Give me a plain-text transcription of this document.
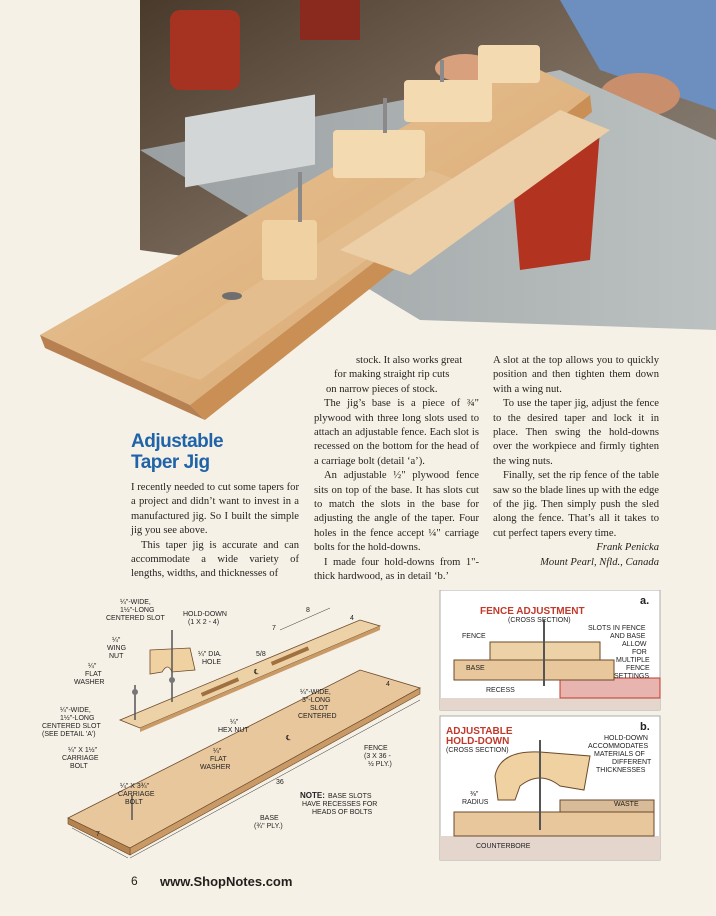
Adjustable
Taper Jig

I recently needed to cut some tapers for a project and didn’t want to invest in a manufactured jig. So I built the simple jig you see above.

This taper jig is accurate and can accommodate a wide variety of lengths, widths, and thicknesses of

stock. It also works great

for making straight rip cuts

on narrow pieces of stock.

The jig’s base is a piece of ¾" plywood with three long slots used to attach an adjustable fence. Each slot is recessed on the bottom for the head of a carriage bolt (detail ‘a’).

An adjustable ½" plywood fence sits on top of the base. It has slots cut to match the slots in the base for adjusting the angle of the taper. Four holes in the fence accept ¼" carriage bolts for the hold-downs.

I made four hold-downs from 1"-thick hardwood, as in detail ‘b.’

A slot at the top allows you to quickly position and then tighten them down with a wing nut.

To use the taper jig, adjust the fence to the desired taper and lock it in place. Then swing the hold-downs over the workpiece and firmly tighten the wing nuts.

Finally, set the rip fence of the table saw so the blade lines up with the edge of the jig. Then simply push the sled along the fence. That’s all it takes to cut perfect tapers every time.

Frank Penicka

Mount Pearl, Nfld., Canada

¼"-WIDE,
1½"-LONG
CENTERED SLOT
HOLD-DOWN
(1 X 2 - 4)
¼"
WING
NUT
¼"
FLAT
WASHER
¼" DIA.
HOLE
¼"-WIDE,
1½"-LONG
CENTERED SLOT
(SEE DETAIL 'A')
¼" X 1½"
CARRIAGE
BOLT
¼"
HEX NUT
¼"
FLAT
WASHER
¼" X 3¾"
CARRIAGE
BOLT
¼"-WIDE,
3"-LONG
SLOT
CENTERED
FENCE
(3 X 36 -
½ PLY.)
BASE
(¾" PLY.)
NOTE: BASE SLOTS
HAVE RECESSES FOR
HEADS OF BOLTS
8
4
7
5/8
4
36
7
℄
℄
a.
FENCE ADJUSTMENT
(CROSS SECTION)
FENCE
BASE
RECESS
SLOTS IN FENCE
AND BASE
ALLOW
FOR
MULTIPLE
FENCE
SETTINGS
b.
ADJUSTABLE
HOLD-DOWN
(CROSS SECTION)
⅜"
RADIUS	WASTE
COUNTERBORE
HOLD-DOWN
ACCOMMODATES
MATERIALS OF
DIFFERENT
THICKNESSES
6 www.ShopNotes.com
